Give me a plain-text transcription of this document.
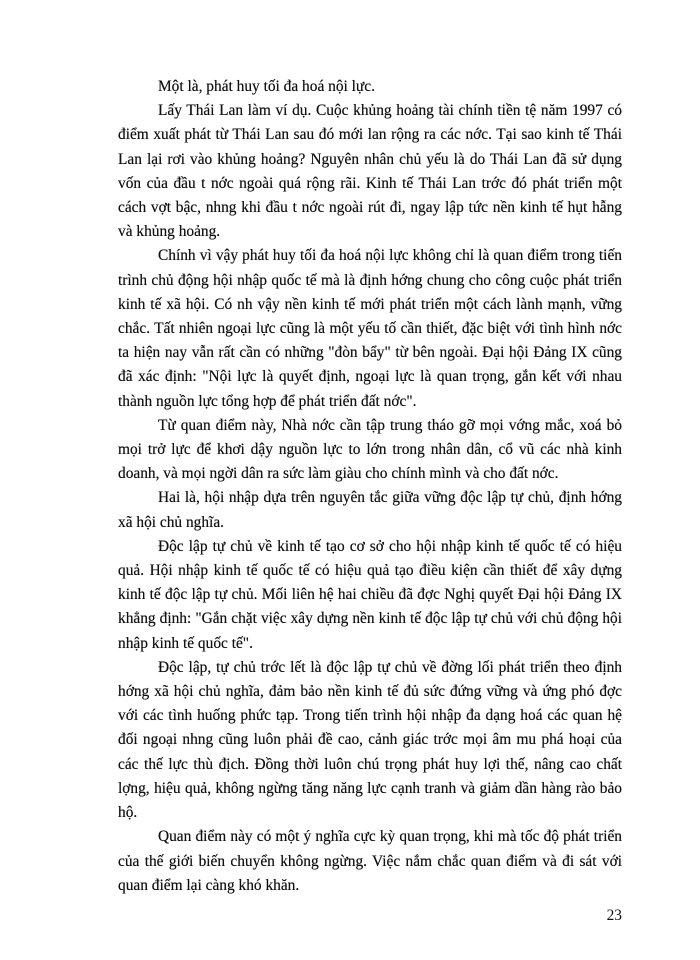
Một là, phát huy tối đa hoá nội lực.

Lấy Thái Lan làm ví dụ. Cuộc khủng hoảng tài chính tiền tệ năm 1997 có điểm xuất phát từ Thái Lan sau đó mới lan rộng ra các nớc. Tại sao kinh tế Thái Lan lại rơi vào khủng hoảng? Nguyên nhân chủ yếu là do Thái Lan đã sử dụng vốn của đầu t nớc ngoài quá rộng rãi. Kinh tế Thái Lan trớc đó phát triển một cách vợt bậc, nhng khi đầu t nớc ngoài rút đi, ngay lập tức nền kinh tế hụt hẫng và khủng hoảng.

Chính vì vậy phát huy tối đa hoá nội lực không chỉ là quan điểm trong tiến trình chủ động hội nhập quốc tế mà là định hớng chung cho công cuộc phát triển kinh tế xã hội. Có nh vậy nền kinh tế mới phát triển một cách lành mạnh, vững chắc. Tất nhiên ngoại lực cũng là một yếu tố cần thiết, đặc biệt với tình hình nớc ta hiện nay vẫn rất cần có những "đòn bẩy" từ bên ngoài. Đại hội Đảng IX cũng đã xác định: "Nội lực là quyết định, ngoại lực là quan trọng, gắn kết với nhau thành nguồn lực tổng hợp để phát triển đất nớc".

Từ quan điểm này, Nhà nớc cần tập trung tháo gỡ mọi vớng mắc, xoá bỏ mọi trở lực để khơi dậy nguồn lực to lớn trong nhân dân, cổ vũ các nhà kinh doanh, và mọi ngời dân ra sức làm giàu cho chính mình và cho đất nớc.

Hai là, hội nhập dựa trên nguyên tắc giữa vững độc lập tự chủ, định hớng xã hội chủ nghĩa.

Độc lập tự chủ về kinh tế tạo cơ sở cho hội nhập kinh tế quốc tế có hiệu quả. Hội nhập kinh tế quốc tế có hiệu quả tạo điều kiện cần thiết để xây dựng kinh tế độc lập tự chủ. Mối liên hệ hai chiều đã đợc Nghị quyết Đại hội Đảng IX khẳng định: "Gắn chặt việc xây dựng nền kinh tế độc lập tự chủ với chủ động hội nhập kinh tế quốc tế".

Độc lập, tự chủ trớc lết là độc lập tự chủ về đờng lối phát triển theo định hớng xã hội chủ nghĩa, đảm bảo nền kinh tế đủ sức đứng vững và ứng phó đợc với các tình huống phức tạp. Trong tiến trình hội nhập đa dạng hoá các quan hệ đối ngoại nhng cũng luôn phải đề cao, cảnh giác trớc mọi âm mu phá hoại của các thế lực thù địch. Đồng thời luôn chú trọng phát huy lợi thế, nâng cao chất lợng, hiệu quả, không ngừng tăng năng lực cạnh tranh và giảm dần hàng rào bảo hộ.

Quan điểm này có một ý nghĩa cực kỳ quan trọng, khi mà tốc độ phát triển của thế giới biến chuyển không ngừng. Việc nắm chắc quan điểm và đi sát với quan điểm lại càng khó khăn.

23
